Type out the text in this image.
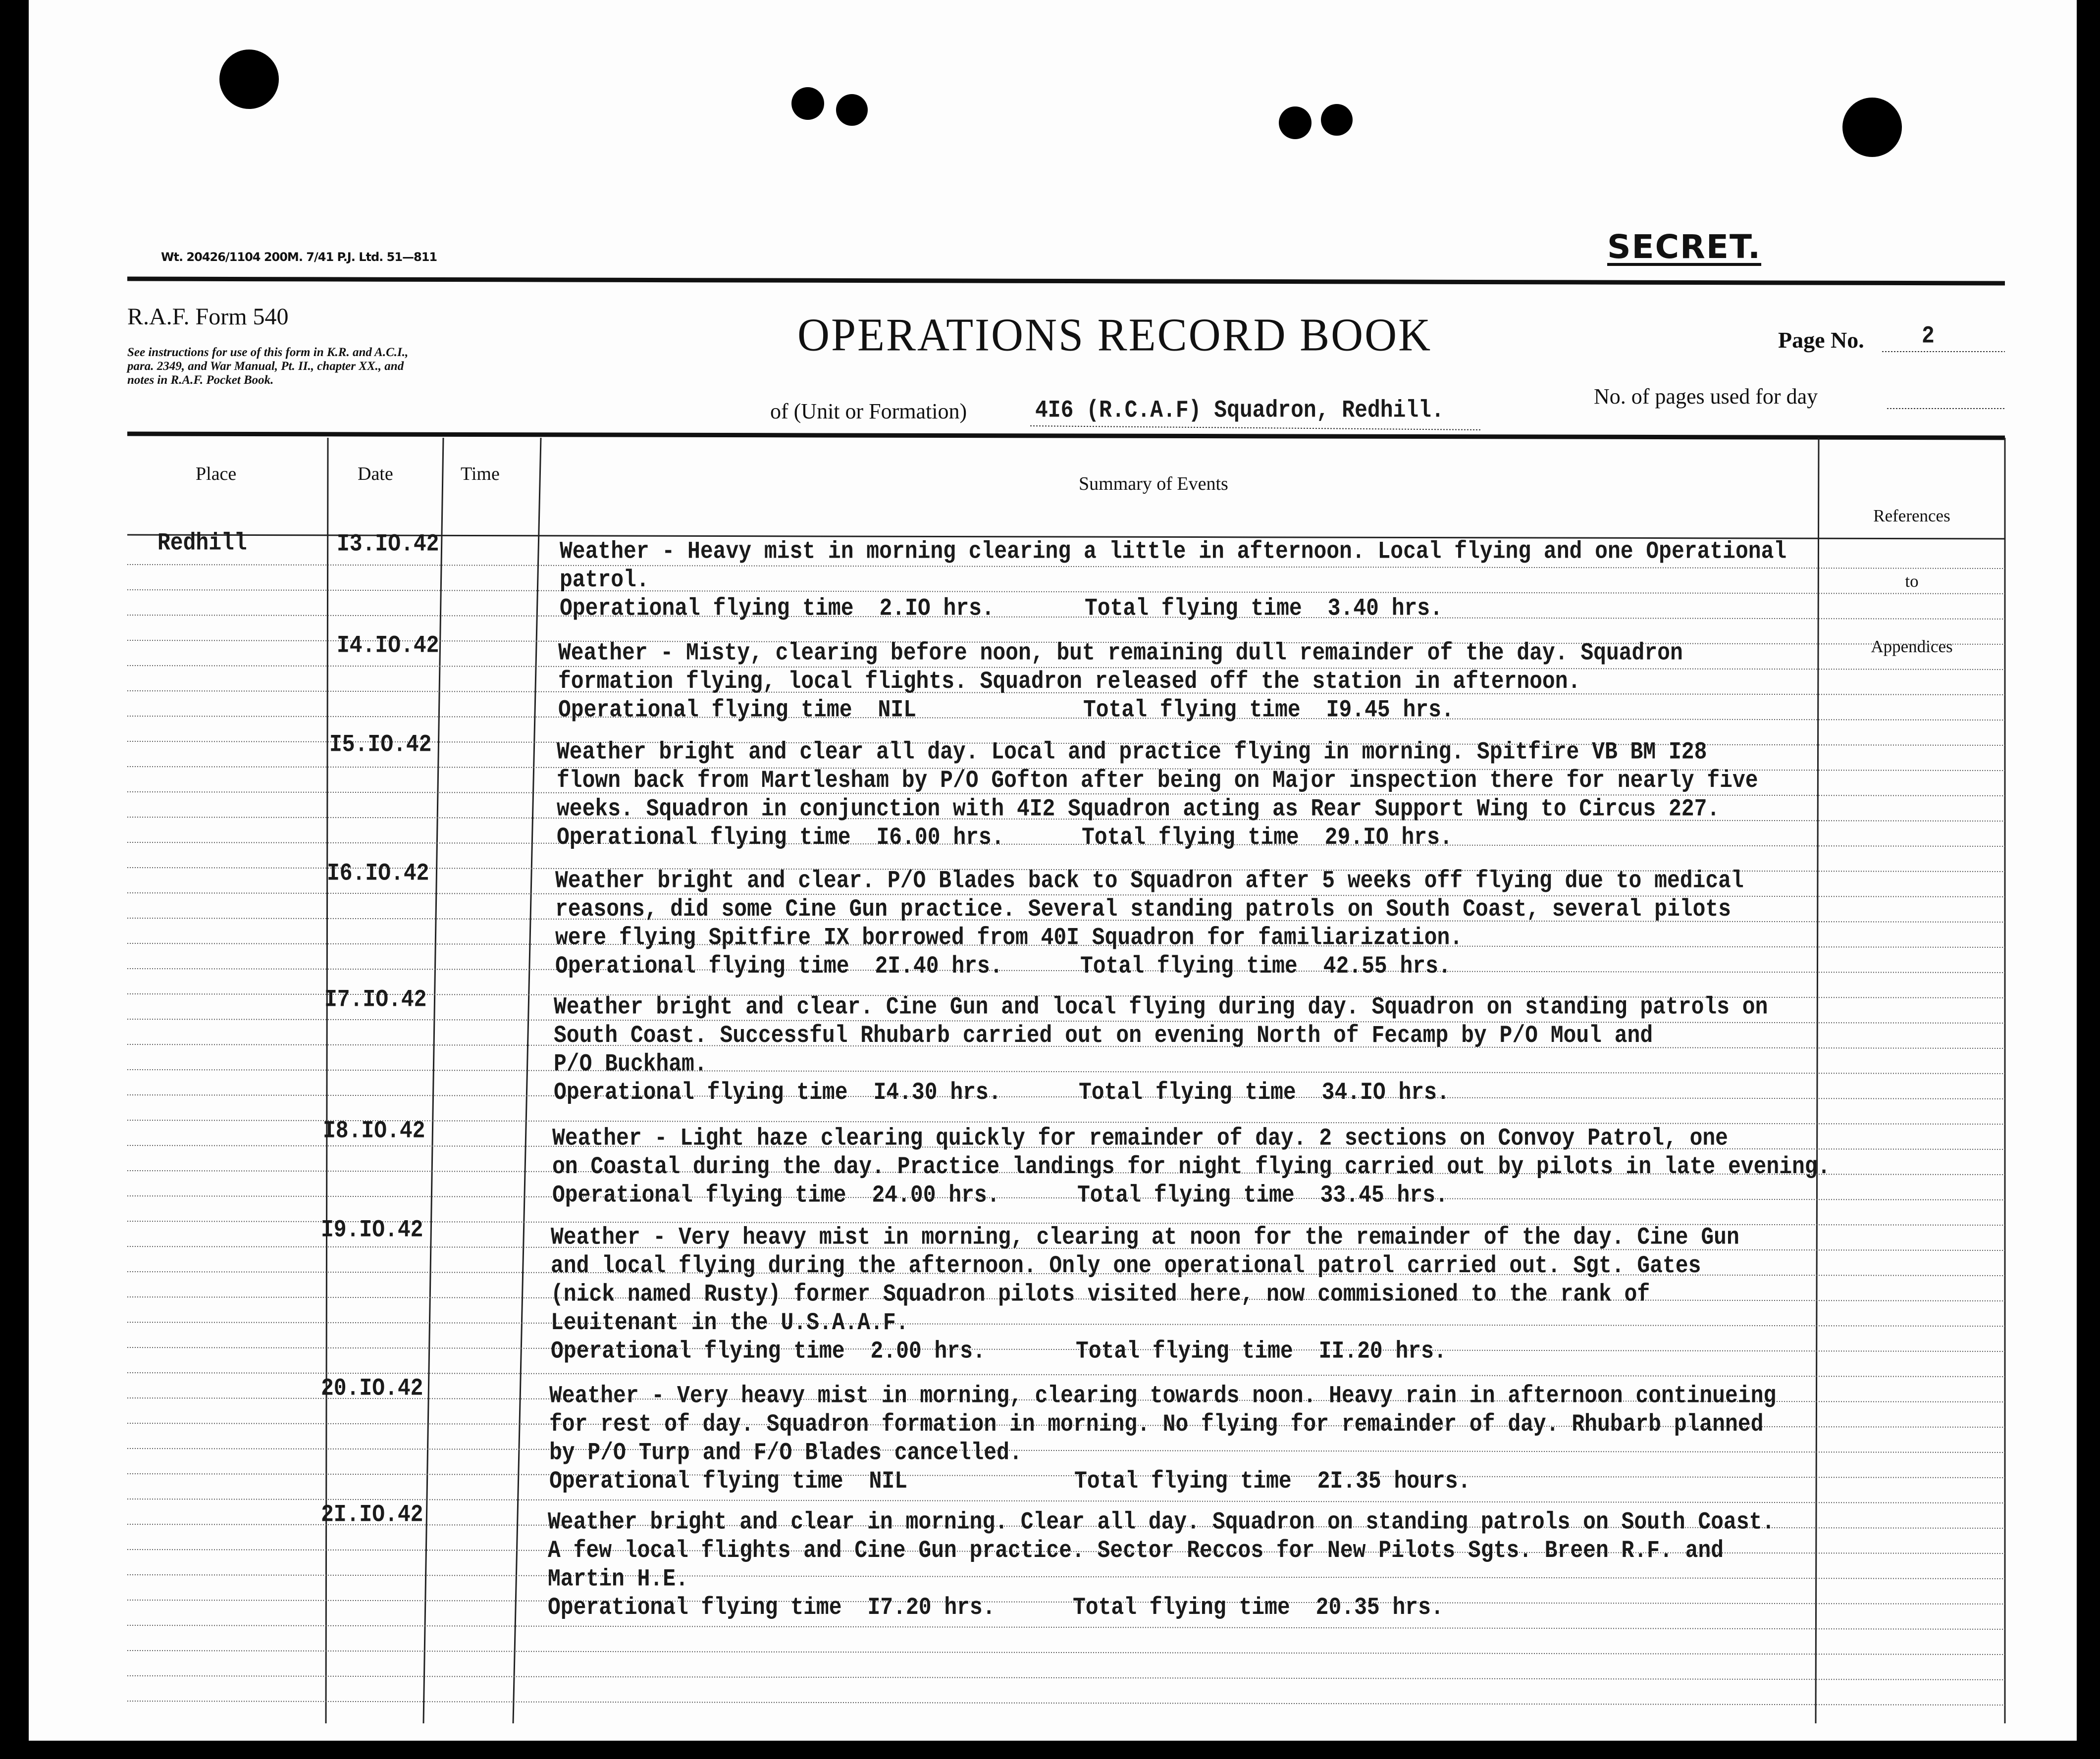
Wt. 20426/1104 200M. 7/41 P.J. Ltd. 51—811	SECRET.
R.A.F. Form 540
See instructions for use of this form in K.R. and A.C.I.,
para. 2349, and War Manual, Pt. II., chapter XX., and
notes in R.A.F. Pocket Book.
OPERATIONS RECORD BOOK	Page No.	2
No. of pages used for day
of (Unit or Formation)	4I6 (R.C.A.F) Squadron, Redhill.
Place	Date	Time	Summary of Events

References

to

Appendices

Redhill	I3.IO.42	Weather - Heavy mist in morning clearing a little in afternoon. Local flying and one Operational
patrol.
Operational flying time 2.IO hrs.	Total flying time 3.40 hrs.
I4.IO.42	Weather - Misty, clearing before noon, but remaining dull remainder of the day. Squadron
formation flying, local flights. Squadron released off the station in afternoon.
Operational flying time NIL	Total flying time I9.45 hrs.
I5.IO.42	Weather bright and clear all day. Local and practice flying in morning. Spitfire VB BM I28
flown back from Martlesham by P/O Gofton after being on Major inspection there for nearly five
weeks. Squadron in conjunction with 4I2 Squadron acting as Rear Support Wing to Circus 227.
Operational flying time I6.00 hrs.	Total flying time 29.IO hrs.
I6.IO.42	Weather bright and clear. P/O Blades back to Squadron after 5 weeks off flying due to medical
reasons, did some Cine Gun practice. Several standing patrols on South Coast, several pilots
were flying Spitfire IX borrowed from 40I Squadron for familiarization.
Operational flying time 2I.40 hrs.	Total flying time 42.55 hrs.
I7.IO.42	Weather bright and clear. Cine Gun and local flying during day. Squadron on standing patrols on
South Coast. Successful Rhubarb carried out on evening North of Fecamp by P/O Moul and
P/O Buckham.
Operational flying time I4.30 hrs.	Total flying time 34.IO hrs.
I8.IO.42	Weather - Light haze clearing quickly for remainder of day. 2 sections on Convoy Patrol, one
on Coastal during the day. Practice landings for night flying carried out by pilots in late evening.
Operational flying time 24.00 hrs.	Total flying time 33.45 hrs.
I9.IO.42	Weather - Very heavy mist in morning, clearing at noon for the remainder of the day. Cine Gun
and local flying during the afternoon. Only one operational patrol carried out. Sgt. Gates
(nick named Rusty) former Squadron pilots visited here, now commisioned to the rank of
Leuitenant in the U.S.A.A.F.
Operational flying time 2.00 hrs.	Total flying time II.20 hrs.
20.IO.42	Weather - Very heavy mist in morning, clearing towards noon. Heavy rain in afternoon continueing
for rest of day. Squadron formation in morning. No flying for remainder of day. Rhubarb planned
by P/O Turp and F/O Blades cancelled.
Operational flying time NIL	Total flying time 2I.35 hours.
2I.IO.42	Weather bright and clear in morning. Clear all day. Squadron on standing patrols on South Coast.
A few local flights and Cine Gun practice. Sector Reccos for New Pilots Sgts. Breen R.F. and
Martin H.E.
Operational flying time I7.20 hrs.	Total flying time 20.35 hrs.
